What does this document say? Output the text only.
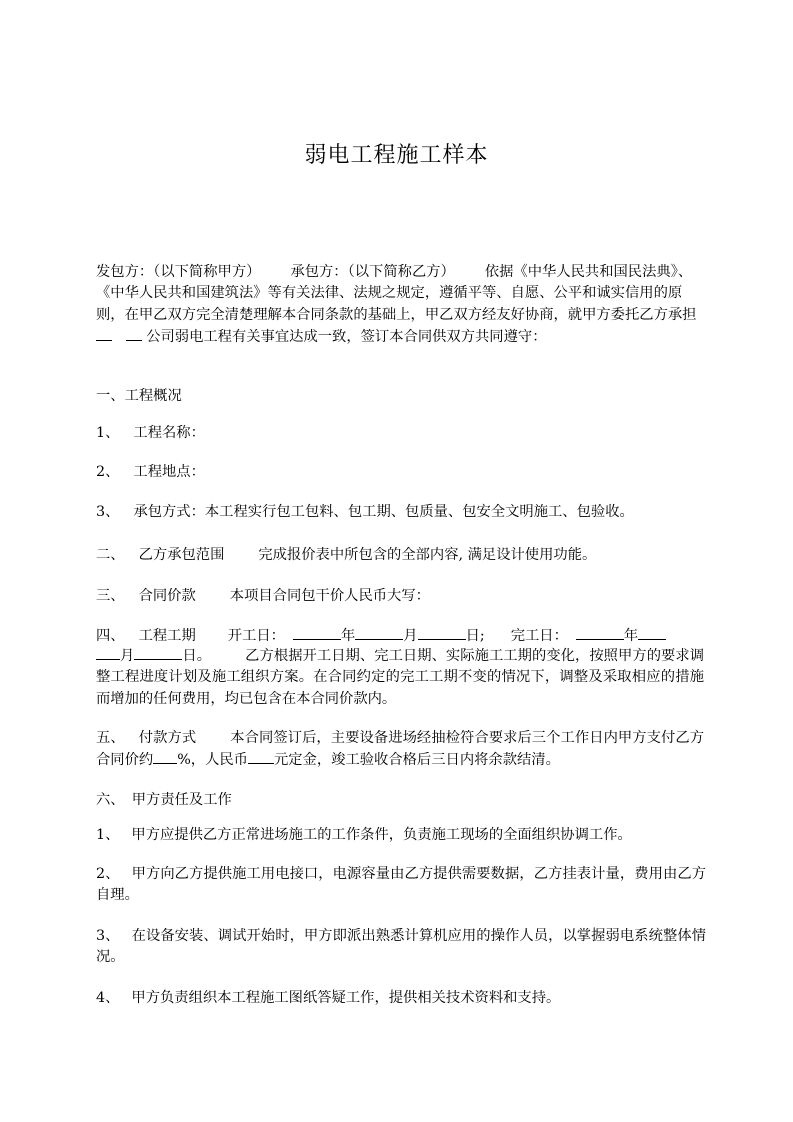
弱电工程施工样本

发包方：（以下简称甲方） 承包方：（以下简称乙方） 依据《中华人民共和国民法典》、《中华人民共和国建筑法》等有关法律、法规之规定，遵循平等、自愿、公平和诚实信用的原则，在甲乙双方完全清楚理解本合同条款的基础上，甲乙双方经友好协商，就甲方委托乙方承担    公司弱电工程有关事宜达成一致，签订本合同供双方共同遵守：

一、工程概况
1、 工程名称：
2、 工程地点：
3、 承包方式：本工程实行包工包料、包工期、包质量、包安全文明施工、包验收。
二、 乙方承包范围 完成报价表中所包含的全部内容, 满足设计使用功能。
三、 合同价款 本项目合同包干价人民币大写：
四、 工程工期 开工日：	年	月	日; 完工日：	年

月	日。 乙方根据开工日期、完工日期、实际施工工期的变化，按照甲方的要求调整工程进度计划及施工组织方案。在合同约定的完工工期不变的情况下，调整及采取相应的措施而增加的任何费用，均已包含在本合同价款内。

五、 付款方式 本合同签订后，主要设备进场经抽检符合要求后三个工作日内甲方支付乙方合同价约 %，人民币 元定金，竣工验收合格后三日内将余款结清。

六、　甲方责任及工作
1、 甲方应提供乙方正常进场施工的工作条件，负责施工现场的全面组织协调工作。

2、 甲方向乙方提供施工用电接口，电源容量由乙方提供需要数据，乙方挂表计量，费用由乙方自理。

3、 在设备安装、调试开始时，甲方即派出熟悉计算机应用的操作人员，以掌握弱电系统整体情况。

4、 甲方负责组织本工程施工图纸答疑工作，提供相关技术资料和支持。
